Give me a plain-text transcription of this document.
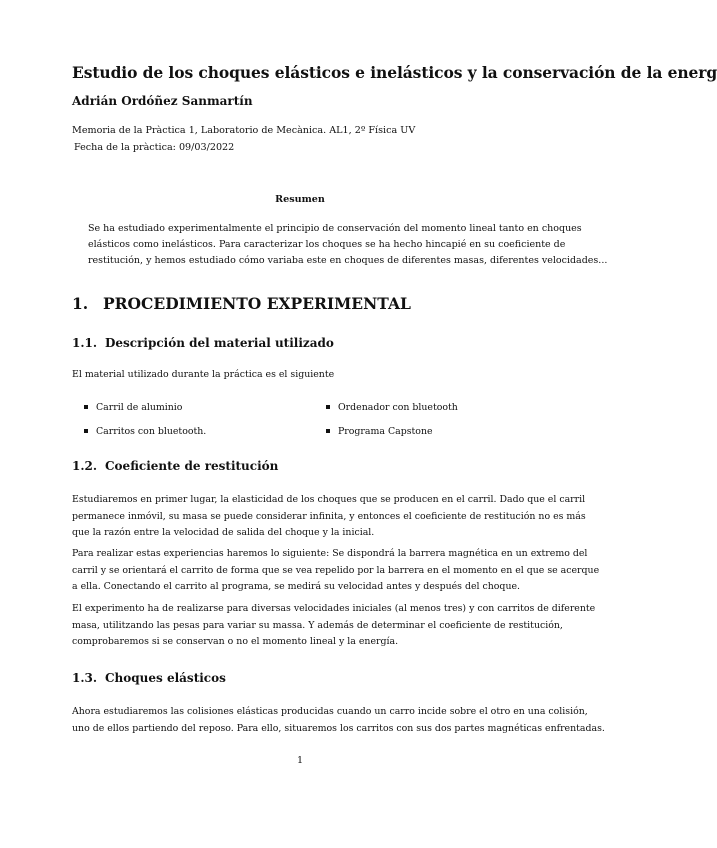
Estudio de los choques elásticos e inelásticos y la conservación de la energ
Adrián Ordóñez Sanmartín
Memoria de la Pràctica 1, Laboratorio de Mecànica. AL1, 2º Física UV
Fecha de la pràctica: 09/03/2022
Resumen
Se ha estudiado experimentalmente el principio de conservación del momento lineal tanto en choques
elásticos como inelásticos. Para caracterizar los choques se ha hecho hincapié en su coeficiente de
restitución, y hemos estudiado cómo variaba este en choques de diferentes masas, diferentes velocidades...
1. PROCEDIMIENTO EXPERIMENTAL
1.1. Descripción del material utilizado
El material utilizado durante la práctica es el siguiente
Carril de aluminio
Carritos con bluetooth.
Ordenador con bluetooth
Programa Capstone
1.2. Coeficiente de restitución
Estudiaremos en primer lugar, la elasticidad de los choques que se producen en el carril. Dado que el carril
permanece inmóvil, su masa se puede considerar infinita, y entonces el coeficiente de restitución no es más
que la razón entre la velocidad de salida del choque y la inicial.
Para realizar estas experiencias haremos lo siguiente: Se dispondrá la barrera magnética en un extremo del
carril y se orientará el carrito de forma que se vea repelido por la barrera en el momento en el que se acerque
a ella. Conectando el carrito al programa, se medirá su velocidad antes y después del choque.
El experimento ha de realizarse para diversas velocidades iniciales (al menos tres) y con carritos de diferente
masa, utilitzando las pesas para variar su massa. Y además de determinar el coeficiente de restitución,
comprobaremos si se conservan o no el momento lineal y la energía.
1.3. Choques elásticos
Ahora estudiaremos las colisiones elásticas producidas cuando un carro incide sobre el otro en una colisión,
uno de ellos partiendo del reposo. Para ello, situaremos los carritos con sus dos partes magnéticas enfrentadas.
1
